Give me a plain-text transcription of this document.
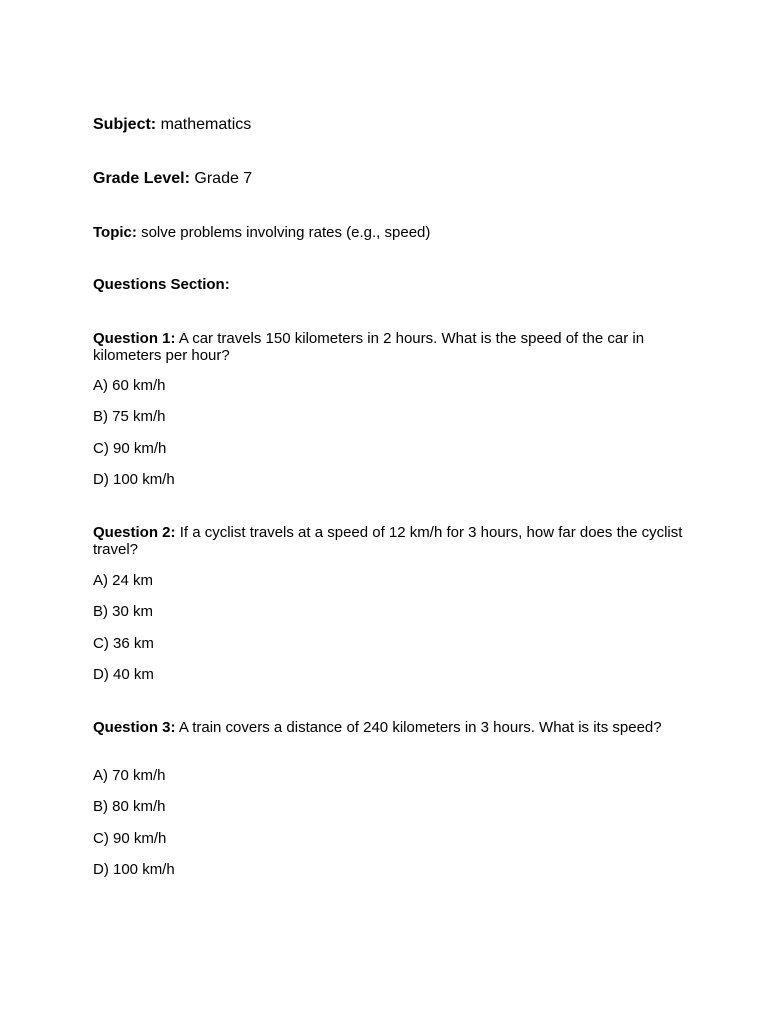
Subject: mathematics
Grade Level: Grade 7
Topic: solve problems involving rates (e.g., speed)
Questions Section:
Question 1: A car travels 150 kilometers in 2 hours. What is the speed of the car in kilometers per hour?
A) 60 km/h
B) 75 km/h
C) 90 km/h
D) 100 km/h
Question 2: If a cyclist travels at a speed of 12 km/h for 3 hours, how far does the cyclist travel?
A) 24 km
B) 30 km
C) 36 km
D) 40 km
Question 3: A train covers a distance of 240 kilometers in 3 hours. What is its speed?
A) 70 km/h
B) 80 km/h
C) 90 km/h
D) 100 km/h
